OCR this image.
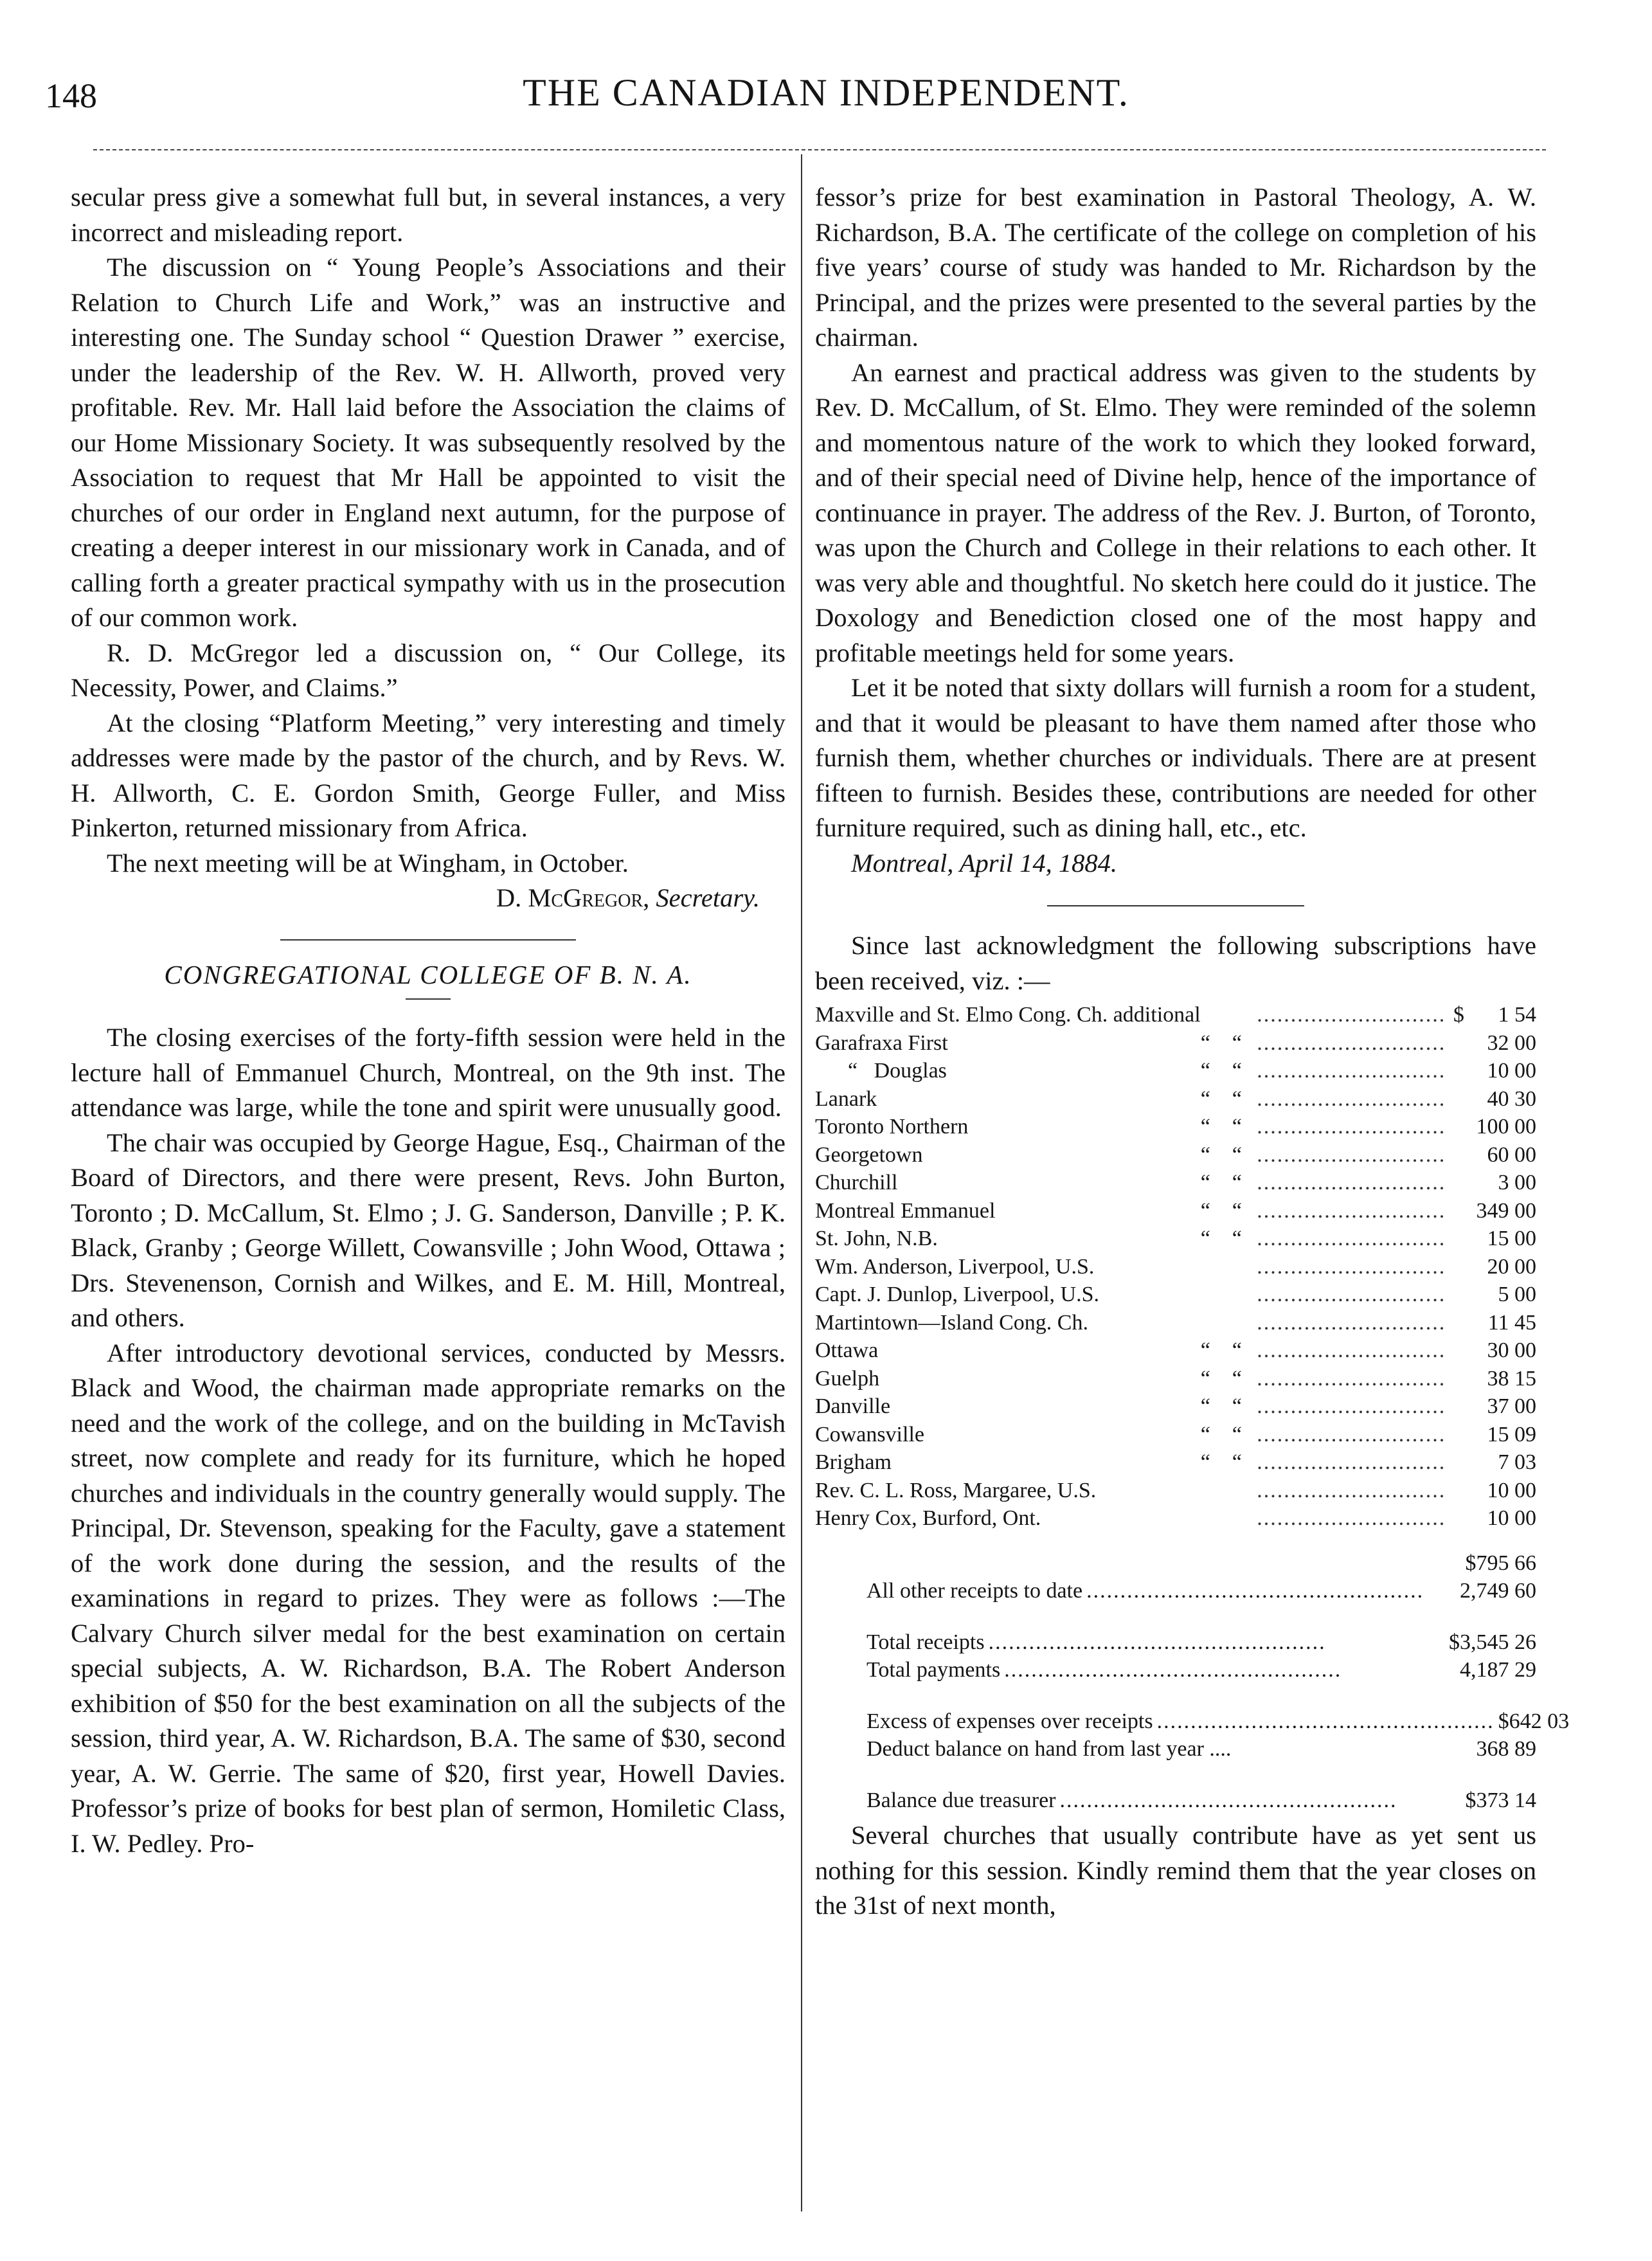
148	THE CANADIAN INDEPENDENT.

secular press give a somewhat full but, in several instances, a very incorrect and misleading report.

The discussion on “ Young People’s Associations and their Relation to Church Life and Work,” was an instructive and interesting one. The Sunday school “ Question Drawer ” exercise, under the leadership of the Rev. W. H. Allworth, proved very profitable. Rev. Mr. Hall laid before the Association the claims of our Home Missionary Society. It was subsequently resolved by the Association to request that Mr Hall be appointed to visit the churches of our order in England next autumn, for the purpose of creating a deeper interest in our missionary work in Canada, and of calling forth a greater practical sympathy with us in the prosecution of our common work.

R. D. McGregor led a discussion on, “ Our College, its Necessity, Power, and Claims.”

At the closing “Platform Meeting,” very interesting and timely addresses were made by the pastor of the church, and by Revs. W. H. Allworth, C. E. Gordon Smith, George Fuller, and Miss Pinkerton, returned missionary from Africa.

The next meeting will be at Wingham, in October.

D. McGregor, Secretary.

CONGREGATIONAL COLLEGE OF B. N. A.

The closing exercises of the forty-fifth session were held in the lecture hall of Emmanuel Church, Montreal, on the 9th inst. The attendance was large, while the tone and spirit were unusually good.

The chair was occupied by George Hague, Esq., Chairman of the Board of Directors, and there were present, Revs. John Burton, Toronto ; D. McCallum, St. Elmo ; J. G. Sanderson, Danville ; P. K. Black, Granby ; George Willett, Cowansville ; John Wood, Ottawa ; Drs. Stevenenson, Cornish and Wilkes, and E. M. Hill, Montreal, and others.

After introductory devotional services, conducted by Messrs. Black and Wood, the chairman made appropriate remarks on the need and the work of the college, and on the building in McTavish street, now complete and ready for its furniture, which he hoped churches and individuals in the country generally would supply. The Principal, Dr. Stevenson, speaking for the Faculty, gave a statement of the work done during the session, and the results of the examinations in regard to prizes. They were as follows :—The Calvary Church silver medal for the best examination on certain special subjects, A. W. Richardson, B.A. The Robert Anderson exhibition of $50 for the best examination on all the subjects of the session, third year, A. W. Richardson, B.A. The same of $30, second year, A. W. Gerrie. The same of $20, first year, Howell Davies. Professor’s prize of books for best plan of sermon, Homiletic Class, I. W. Pedley. Pro-

fessor’s prize for best examination in Pastoral Theology, A. W. Richardson, B.A. The certificate of the college on completion of his five years’ course of study was handed to Mr. Richardson by the Principal, and the prizes were presented to the several parties by the chairman.

An earnest and practical address was given to the students by Rev. D. McCallum, of St. Elmo. They were reminded of the solemn and momentous nature of the work to which they looked forward, and of their special need of Divine help, hence of the importance of continuance in prayer. The address of the Rev. J. Burton, of Toronto, was upon the Church and College in their relations to each other. It was very able and thoughtful. No sketch here could do it justice. The Doxology and Benediction closed one of the most happy and profitable meetings held for some years.

Let it be noted that sixty dollars will furnish a room for a student, and that it would be pleasant to have them named after those who furnish them, whether churches or individuals. There are at present fifteen to furnish. Besides these, contributions are needed for other furniture required, such as dining hall, etc., etc.

Montreal, April 14, 1884.

Since last acknowledgment the following subscriptions have been received, viz. :—

Maxville and St. Elmo Cong. Ch. additional		............................	$	1 54
Garafraxa First	“    “	............................		32 00
“   Douglas	“    “	............................		10 00
Lanark	“    “	............................		40 30
Toronto Northern	“    “	............................		100 00
Georgetown	“    “	............................		60 00
Churchill	“    “	............................		3 00
Montreal Emmanuel	“    “	............................		349 00
St. John, N.B.	“    “	............................		15 00
Wm. Anderson, Liverpool, U.S.		............................		20 00
Capt. J. Dunlop, Liverpool, U.S.		............................		5 00
Martintown—Island Cong. Ch.		............................		11 45
Ottawa	“    “	............................		30 00
Guelph	“    “	............................		38 15
Danville	“    “	............................		37 00
Cowansville	“    “	............................		15 09
Brigham	“    “	............................		7 03
Rev. C. L. Ross, Margaree, U.S.		............................		10 00
Henry Cox, Burford, Ont.		............................		10 00
$795 66
All other receipts to date ..................................................	2,749 60
Total receipts ..................................................	$3,545 26
Total payments ..................................................	4,187 29
Excess of expenses over receipts .................................................. $642 03
Deduct balance on hand from last year ....	368 89
Balance due treasurer ..................................................	$373 14

Several churches that usually contribute have as yet sent us nothing for this session. Kindly remind them that the year closes on the 31st of next month,
